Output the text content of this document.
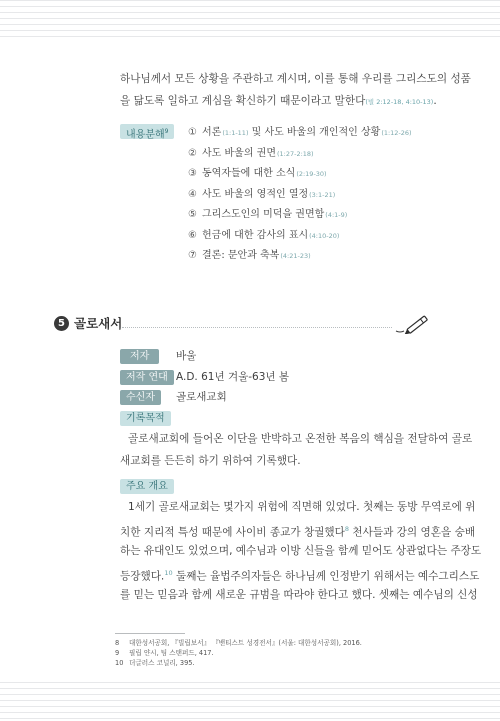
하나님께서 모든 상황을 주관하고 계시며, 이를 통해 우리를 그리스도의 성품
을 닮도록 일하고 계심을 확신하기 때문이라고 말한다(빌 2:12-18, 4:10-13).
내용분해$^9$	① 서론(1:1-11) 및 사도 바울의 개인적인 상황(1:12-26)
② 사도 바울의 권면(1:27-2:18)
③ 동역자들에 대한 소식(2:19-30)
④ 사도 바울의 영적인 열정(3:1-21)
⑤ 그리스도인의 미덕을 권면함(4:1-9)
⑥ 헌금에 대한 감사의 표시(4:10-20)
⑦ 결론: 문안과 축복(4:21-23)
5 골로새서
저자	바울
저작 연대 A.D. 61년 겨울-63년 봄
수신자	골로새교회
기록목적
골로새교회에 들어온 이단을 반박하고 온전한 복음의 핵심을 전달하여 골로
새교회를 든든히 하기 위하여 기록했다.
주요 개요
1세기 골로새교회는 몇가지 위험에 직면해 있었다. 첫째는 동방 무역로에 위
치한 지리적 특성 때문에 사이비 종교가 창궐했다$^8$ 천사들과 강의 영혼을 숭배
하는 유대인도 있었으며, 예수님과 이방 신들을 함께 믿어도 상관없다는 주장도
등장했다.$^{10}$ 둘째는 율법주의자들은 하나님께 인정받기 위해서는 예수그리스도
를 믿는 믿음과 함께 새로운 규범을 따라야 한다고 했다. 셋째는 예수님의 신성
8 대한성서공회, 『빌립보서』 『밴티스트 성경전서』(서울: 대한성서공회), 2016.
9 필립 얀시, 팀 스탠퍼드, 417.
10 더글러스 코널리, 395.
